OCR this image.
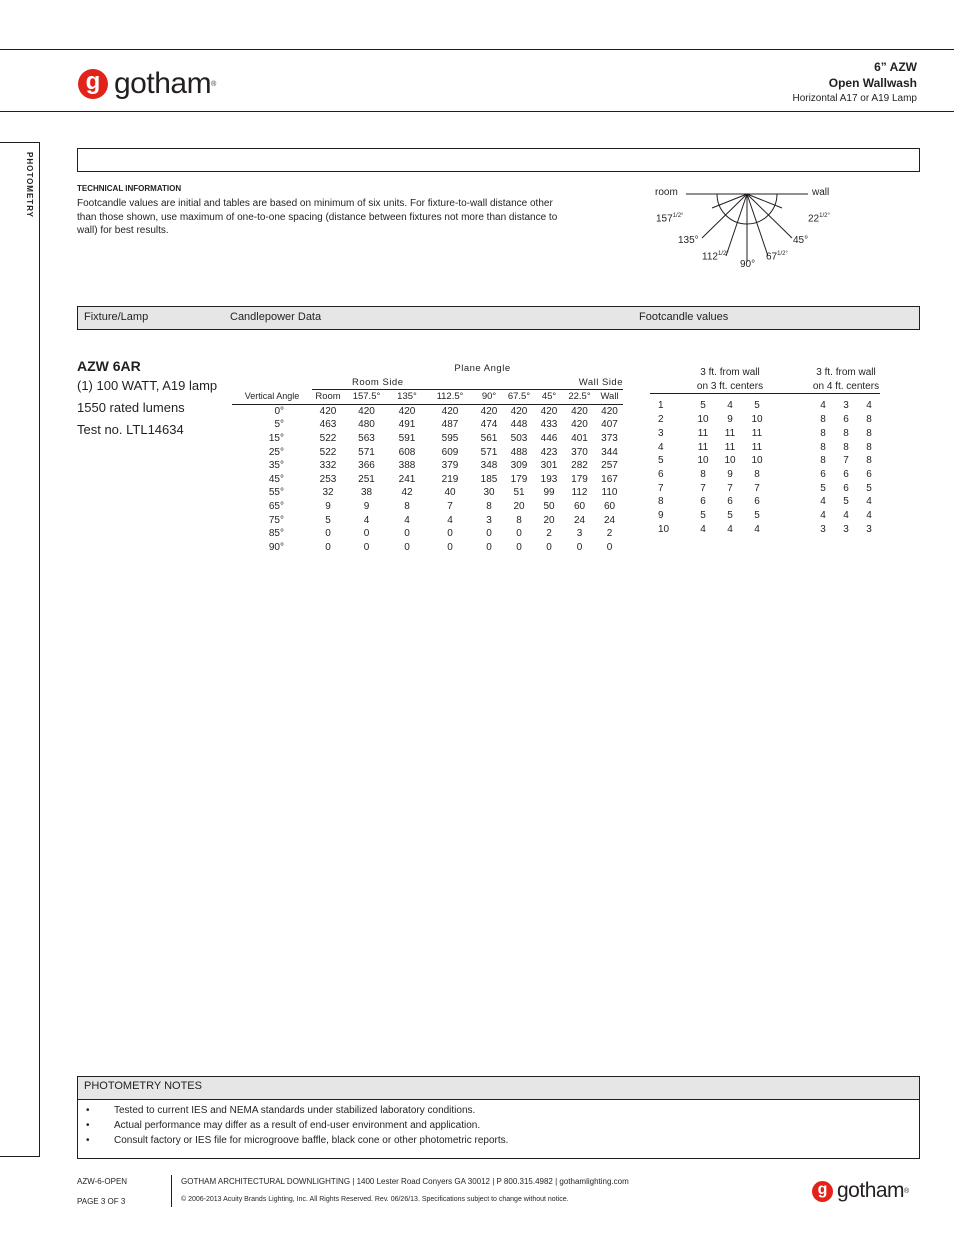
g gotham ®
6” AZW
Open Wallwash
Horizontal A17 or A19 Lamp
PHOTOMETRY	TECHNICAL INFORMATION
Footcandle values are initial and tables are based on minimum of six units. For fixture-to-wall distance other than those shown, use maximum of one-to-one spacing (distance between fixtures not more than distance to wall) for best results.
room	wall
$157^{1/2^\circ}$
135°
$112^{1/2^\circ}$
90°
$67^{1/2^\circ}$
45°
$22^{1/2^\circ}$
Fixture/Lamp	Candlepower Data	Footcandle values
AZW 6AR
(1) 100 WATT, A19 lamp
1550 rated lumens
Test no. LTL14634
	Plane Angle								
	Room Side					Wall Side			
Vertical Angle	Room	157.5°	135°	112.5°	90°	67.5°	45°	22.5°	Wall
0°	420	420	420	420	420	420	420	420	420
5°	463	480	491	487	474	448	433	420	407
15°	522	563	591	595	561	503	446	401	373
25°	522	571	608	609	571	488	423	370	344
35°	332	366	388	379	348	309	301	282	257
45°	253	251	241	219	185	179	193	179	167
55°	32	38	42	40	30	51	99	112	110
65°	9	9	8	7	8	20	50	60	60
75°	5	4	4	4	3	8	20	24	24
85°	0	0	0	0	0	0	2	3	2
90°	0	0	0	0	0	0	0	0	0
	3 ft. from wall				3 ft. from wall		
	on 3 ft. centers				on 4 ft. centers		

1	5	4	5		4	3	4
2	10	9	10		8	6	8
3	11	11	11		8	8	8
4	11	11	11		8	8	8
5	10	10	10		8	7	8
6	8	9	8		6	6	6
7	7	7	7		5	6	5
8	6	6	6		4	5	4
9	5	5	5		4	4	4
10	4	4	4		3	3	3
PHOTOMETRY NOTES
• Tested to current IES and NEMA standards under stabilized laboratory conditions.
• Actual performance may differ as a result of end-user environment and application.
• Consult factory or IES file for microgroove baffle, black cone or other photometric reports.
AZW-6-OPEN
PAGE 3 OF 3
GOTHAM ARCHITECTURAL DOWNLIGHTING | 1400 Lester Road Conyers GA 30012 | P 800.315.4982 | gothamlighting.com
© 2006-2013 Acuity Brands Lighting, Inc. All Rights Reserved. Rev. 06/26/13. Specifications subject to change without notice.
g gotham ®
